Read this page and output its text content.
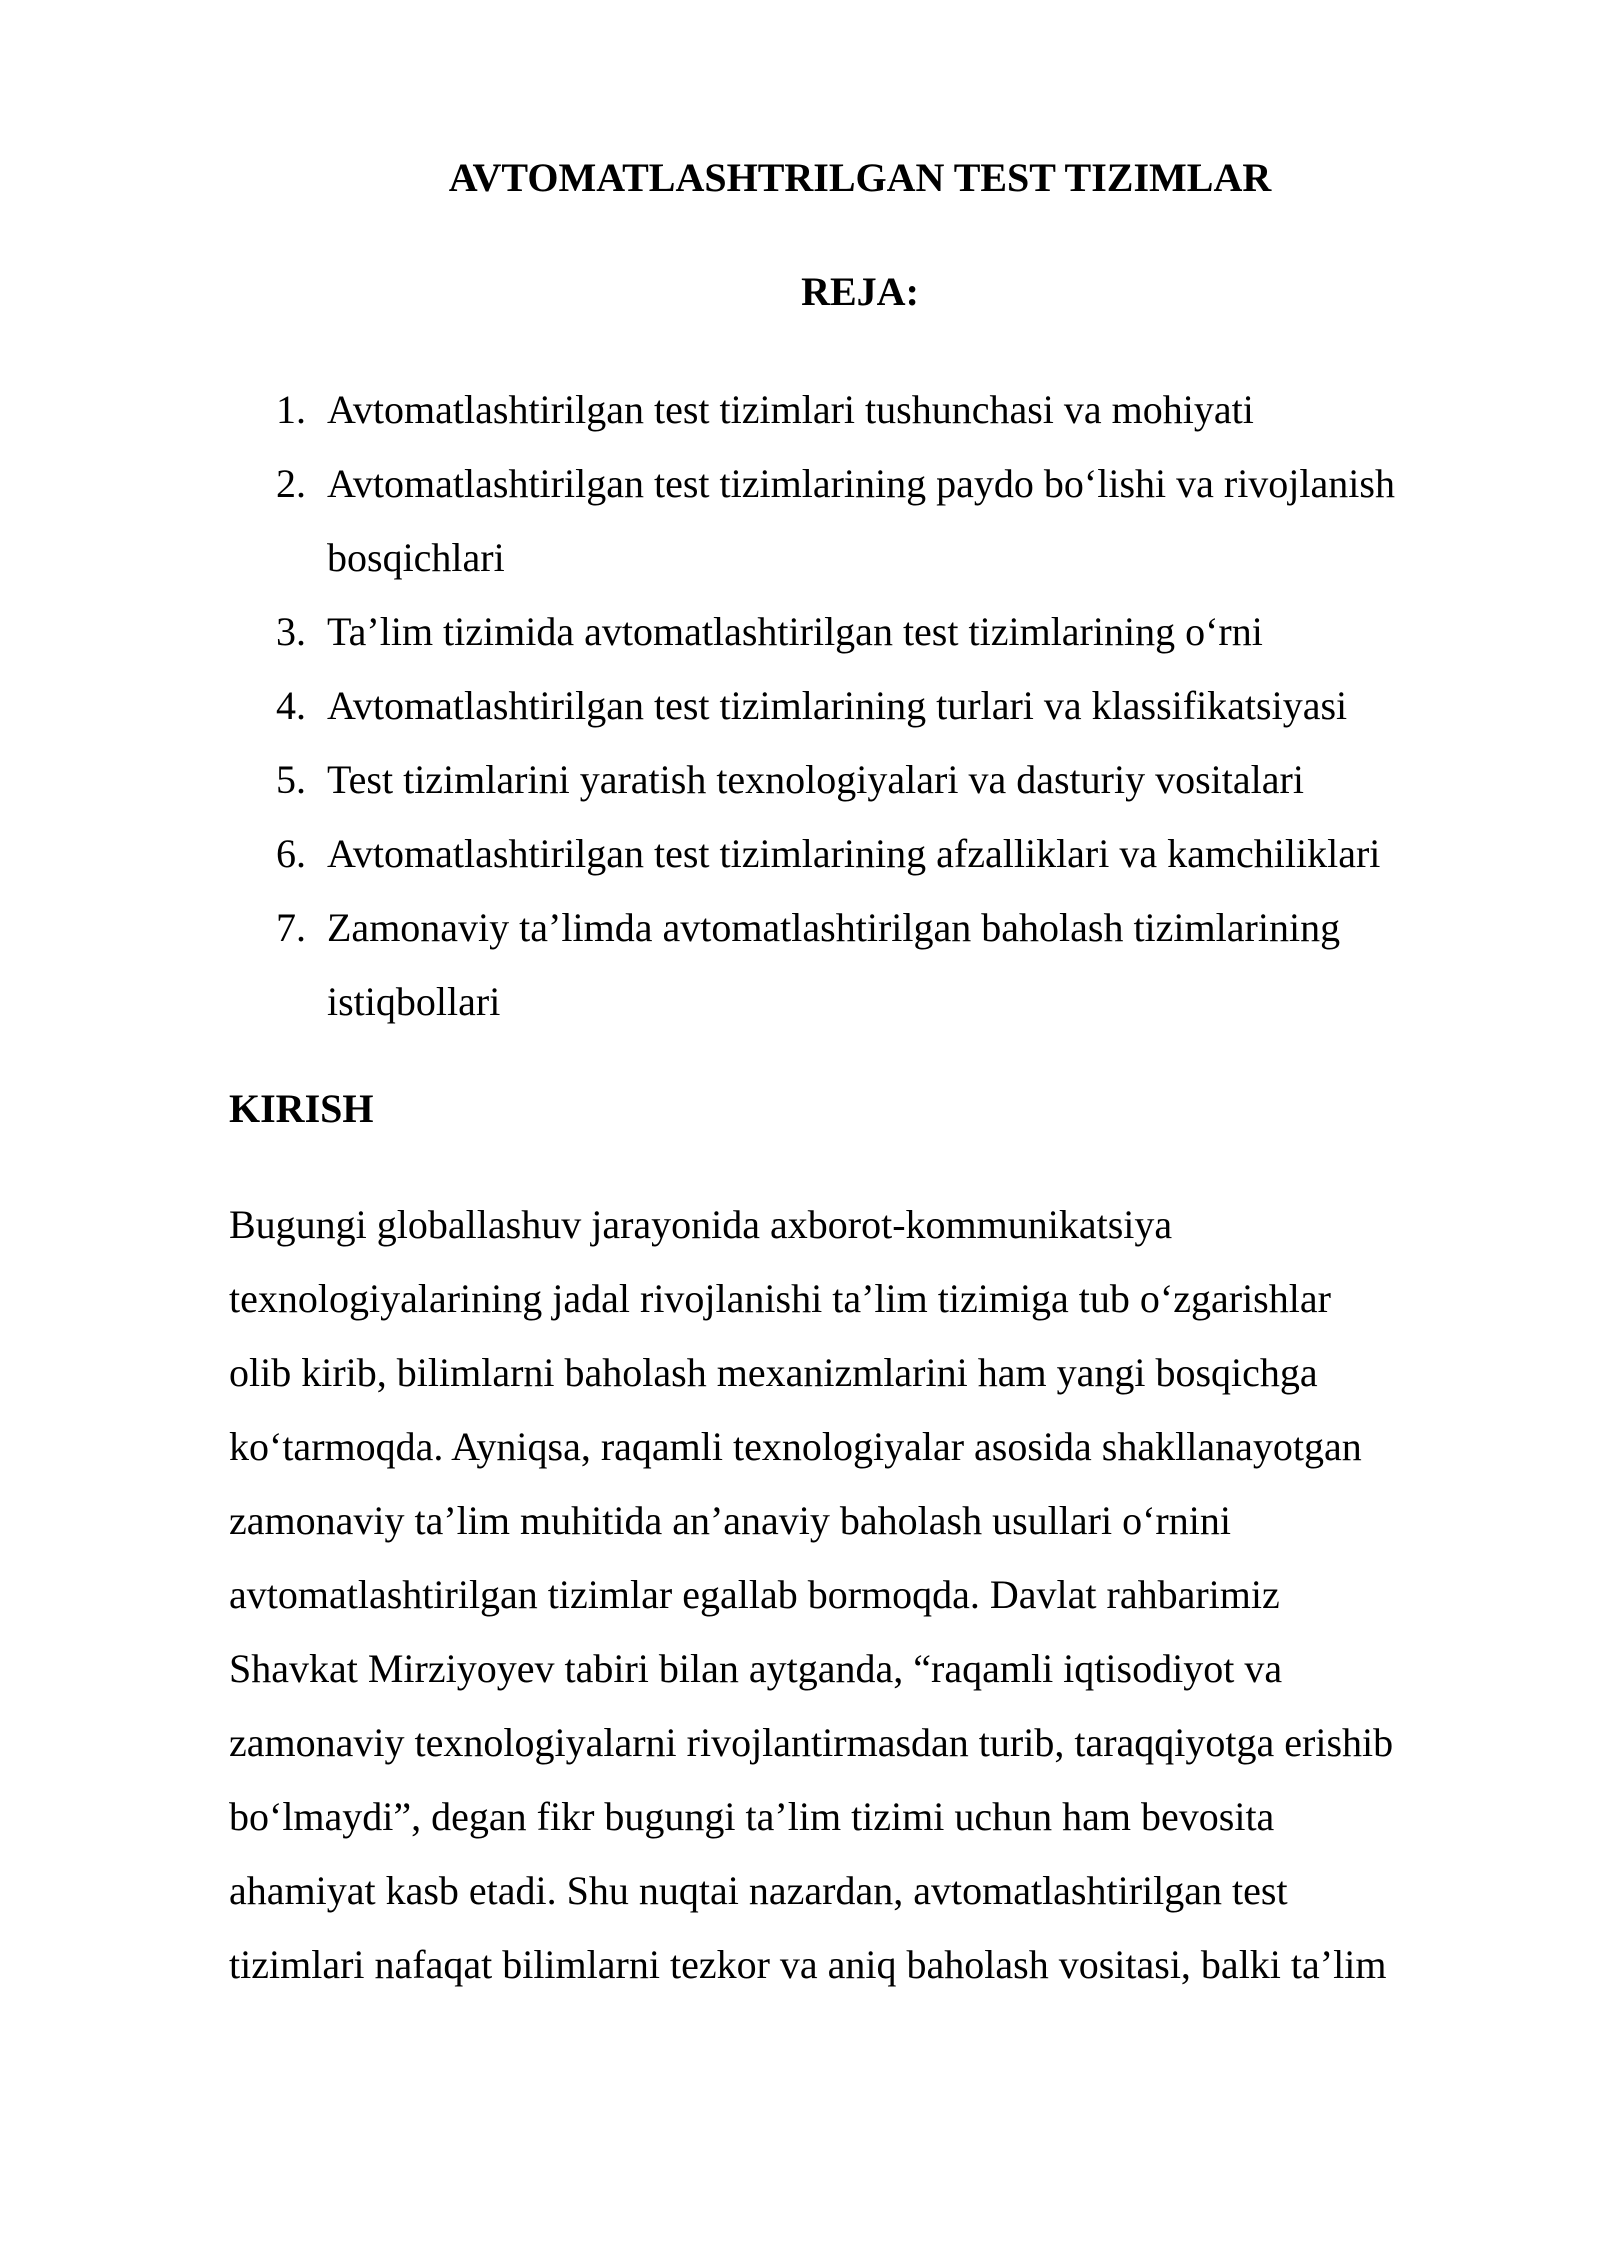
AVTOMATLASHTRILGAN TEST TIZIMLAR
REJA:
1. Avtomatlashtirilgan test tizimlari tushunchasi va mohiyati
2. Avtomatlashtirilgan test tizimlarining paydo bo‘lishi va rivojlanish
bosqichlari
3. Ta’lim tizimida avtomatlashtirilgan test tizimlarining o‘rni
4. Avtomatlashtirilgan test tizimlarining turlari va klassifikatsiyasi
5. Test tizimlarini yaratish texnologiyalari va dasturiy vositalari
6. Avtomatlashtirilgan test tizimlarining afzalliklari va kamchiliklari
7. Zamonaviy ta’limda avtomatlashtirilgan baholash tizimlarining
istiqbollari
KIRISH

Bugungi globallashuv jarayonida axborot-kommunikatsiya
texnologiyalarining jadal rivojlanishi ta’lim tizimiga tub o‘zgarishlar
olib kirib, bilimlarni baholash mexanizmlarini ham yangi bosqichga
ko‘tarmoqda. Ayniqsa, raqamli texnologiyalar asosida shakllanayotgan
zamonaviy ta’lim muhitida an’anaviy baholash usullari o‘rnini
avtomatlashtirilgan tizimlar egallab bormoqda. Davlat rahbarimiz
Shavkat Mirziyoyev tabiri bilan aytganda, “raqamli iqtisodiyot va
zamonaviy texnologiyalarni rivojlantirmasdan turib, taraqqiyotga erishib
bo‘lmaydi”, degan fikr bugungi ta’lim tizimi uchun ham bevosita
ahamiyat kasb etadi. Shu nuqtai nazardan, avtomatlashtirilgan test
tizimlari nafaqat bilimlarni tezkor va aniq baholash vositasi, balki ta’lim
